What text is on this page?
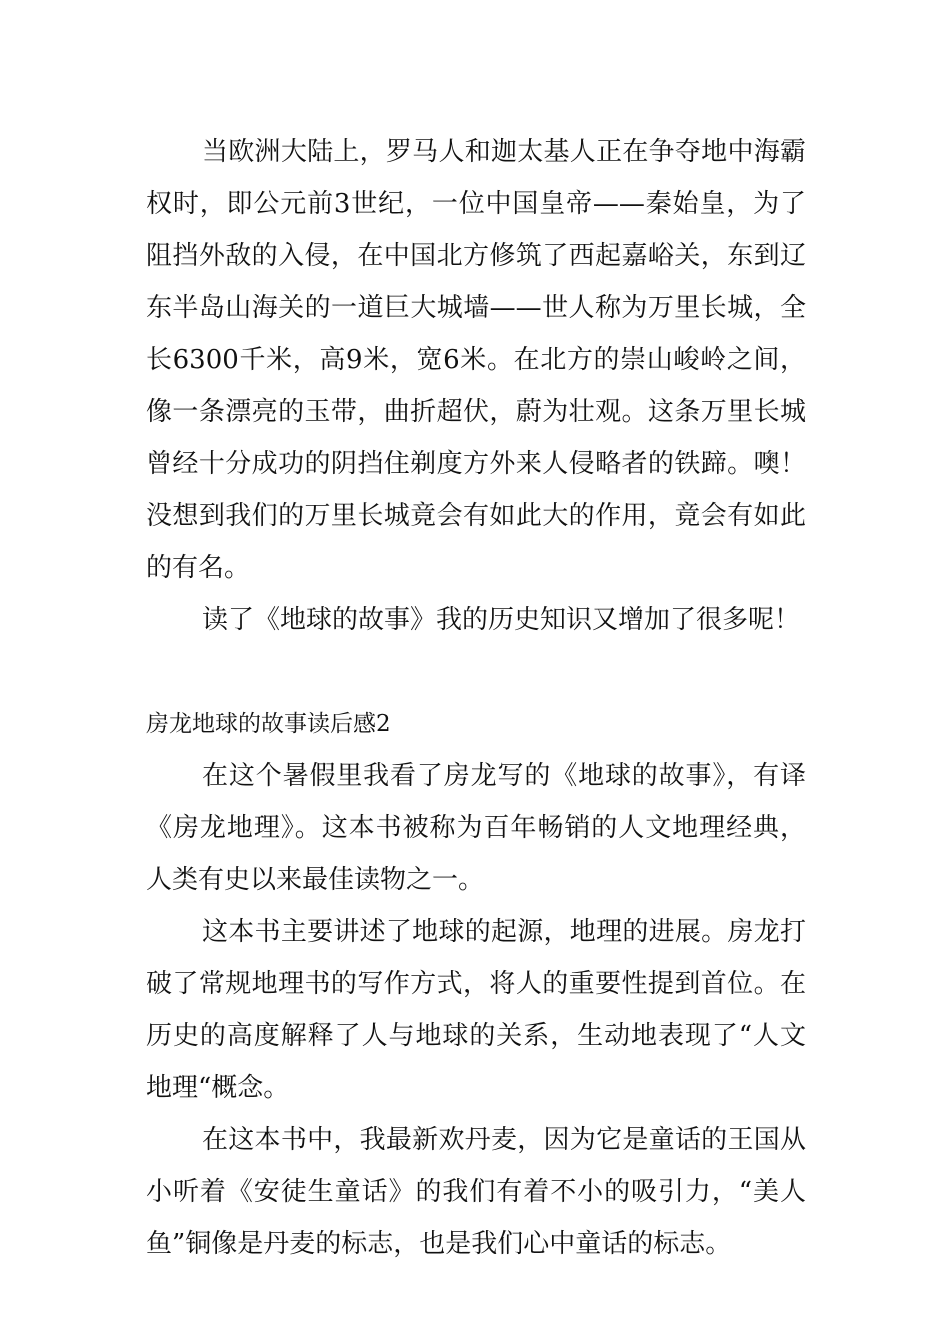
当欧洲大陆上，罗马人和迦太基人正在争夺地中海霸权时，即公元前3世纪，一位中国皇帝——秦始皇，为了阻挡外敌的入侵，在中国北方修筑了西起嘉峪关，东到辽东半岛山海关的一道巨大城墙——世人称为万里长城，全长6300千米，高9米，宽6米。在北方的崇山峻岭之间，像一条漂亮的玉带，曲折超伏，蔚为壮观。这条万里长城曾经十分成功的阴挡住剃度方外来人侵略者的铁蹄。噢！没想到我们的万里长城竟会有如此大的作用，竟会有如此的有名。

读了《地球的故事》我的历史知识又增加了很多呢！

房龙地球的故事读后感2

在这个暑假里我看了房龙写的《地球的故事》，有译《房龙地理》。这本书被称为百年畅销的人文地理经典，人类有史以来最佳读物之一。

这本书主要讲述了地球的起源，地理的进展。房龙打破了常规地理书的写作方式，将人的重要性提到首位。在历史的高度解释了人与地球的关系，生动地表现了“人文地理“概念。

在这本书中，我最新欢丹麦，因为它是童话的王国从小听着《安徒生童话》的我们有着不小的吸引力，“美人鱼”铜像是丹麦的标志，也是我们心中童话的标志。
